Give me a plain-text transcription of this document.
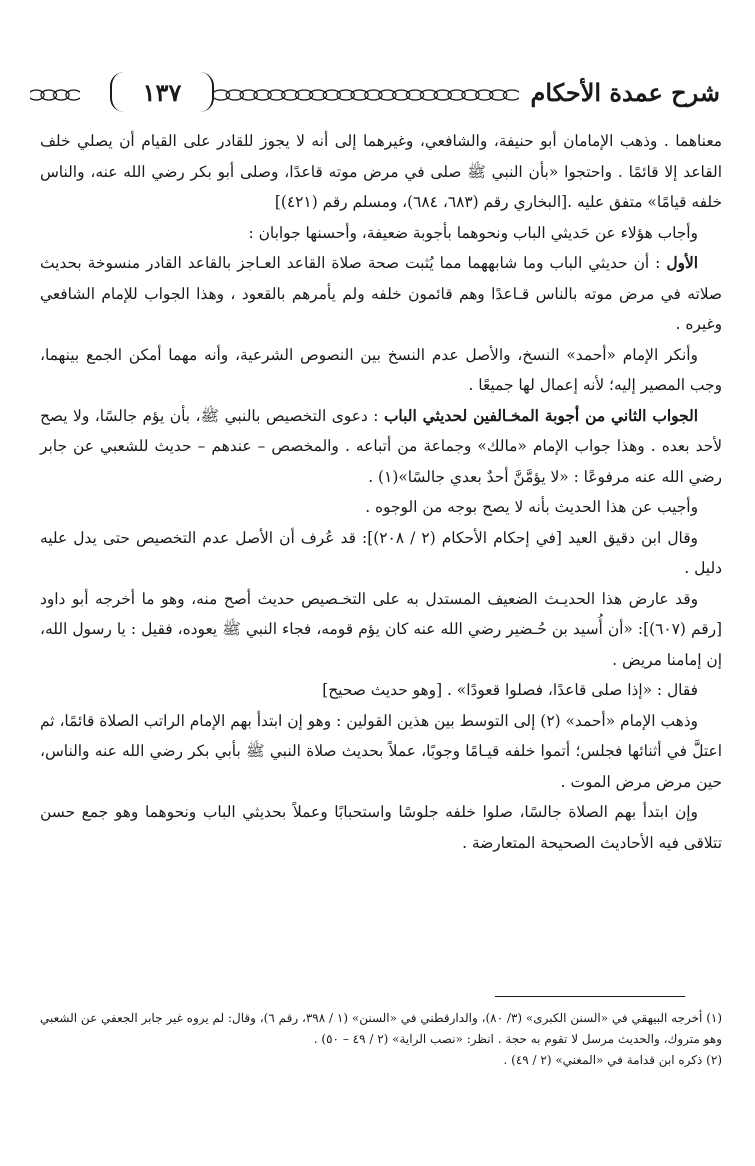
شرح عمدة الأحكام
١٣٧

معناهما . وذهب الإمامان أبو حنيفة، والشافعي، وغيرهما إلى أنه لا يجوز للقادر على القيام أن يصلي خلف القاعد إلا قائمًا . واحتجوا «بأن النبي ﷺ صلى في مرض موته قاعدًا، وصلى أبو بكر رضي الله عنه، والناس خلفه قيامًا» متفق عليه .[البخاري رقم (٦٨٣، ٦٨٤)، ومسلم رقم (٤٢١)]

وأجاب هؤلاء عن حَديثي الباب ونحوهما بأجوبة ضعيفة، وأحسنها جوابان :

الأول : أن حديثي الباب وما شابههما مما يُثبت صحة صلاة القاعد العـاجز بالقاعد القادر منسوخة بحديث صلاته في مرض موته بالناس قـاعدًا وهم قائمون خلفه ولم يأمرهم بالقعود ، وهذا الجواب للإمام الشافعي وغيره .

وأنكر الإمام «أحمد» النسخ، والأصل عدم النسخ بين النصوص الشرعية، وأنه مهما أمكن الجمع بينهما، وجب المصير إليه؛ لأنه إعمال لها جميعًا .

الجواب الثاني من أجوبة المخـالفين لحديثي الباب : دعوى التخصيص بالنبي ﷺ، بأن يؤم جالسًا، ولا يصح لأحد بعده . وهذا جواب الإمام «مالك» وجماعة من أتباعه . والمخصص – عندهم – حديث للشعبي عن جابر رضي الله عنه مرفوعًا : «لا يؤمَّنَّ أحدٌ بعدي جالسًا»(١) .

وأجيب عن هذا الحديث بأنه لا يصح بوجه من الوجوه .

وقال ابن دقيق العيد [في إحكام الأحكام (٢ / ٢٠٨)]: قد عُرف أن الأصل عدم التخصيص حتى يدل عليه دليل .

وقد عارض هذا الحديـث الضعيف المستدل به على التخـصيص حديث أصح منه، وهو ما أخرجه أبو داود [رقم (٦٠٧)]: «أن أُسيد بن حُـضير رضي الله عنه كان يؤم قومه، فجاء النبي ﷺ يعوده، فقيل : يا رسول الله، إن إمامنا مريض .

فقال : «إذا صلى قاعدًا، فصلوا قعودًا» . [وهو حديث صحيح]

وذهب الإمام «أحمد» (٢) إلى التوسط بين هذين القولين : وهو إن ابتدأ بهم الإمام الراتب الصلاة قائمًا، ثم اعتلَّ في أثنائها فجلس؛ أتموا خلفه قيـامًا وجوبًا، عملاً بحديث صلاة النبي ﷺ بأبي بكر رضي الله عنه والناس، حين مرض مرض الموت .

وإن ابتدأ بهم الصلاة جالسًا، صلوا خلفه جلوسًا واستحبابًا وعملاً بحديثي الباب ونحوهما وهو جمع حسن تتلاقى فيه الأحاديث الصحيحة المتعارضة .

(١) أخرجه البيهقي في «السنن الكبرى» (٣/ ٨٠)، والدارقطني في «السنن» (١ / ٣٩٨، رقم ٦)، وقال: لم يروه غير جابر الجعفي عن الشعبي وهو متروك، والحديث مرسل لا تقوم به حجة . انظر: «نصب الراية» (٢ / ٤٩ – ٥٠) .

(٢) ذكره ابن قدامة في «المغني» (٢ / ٤٩) .
